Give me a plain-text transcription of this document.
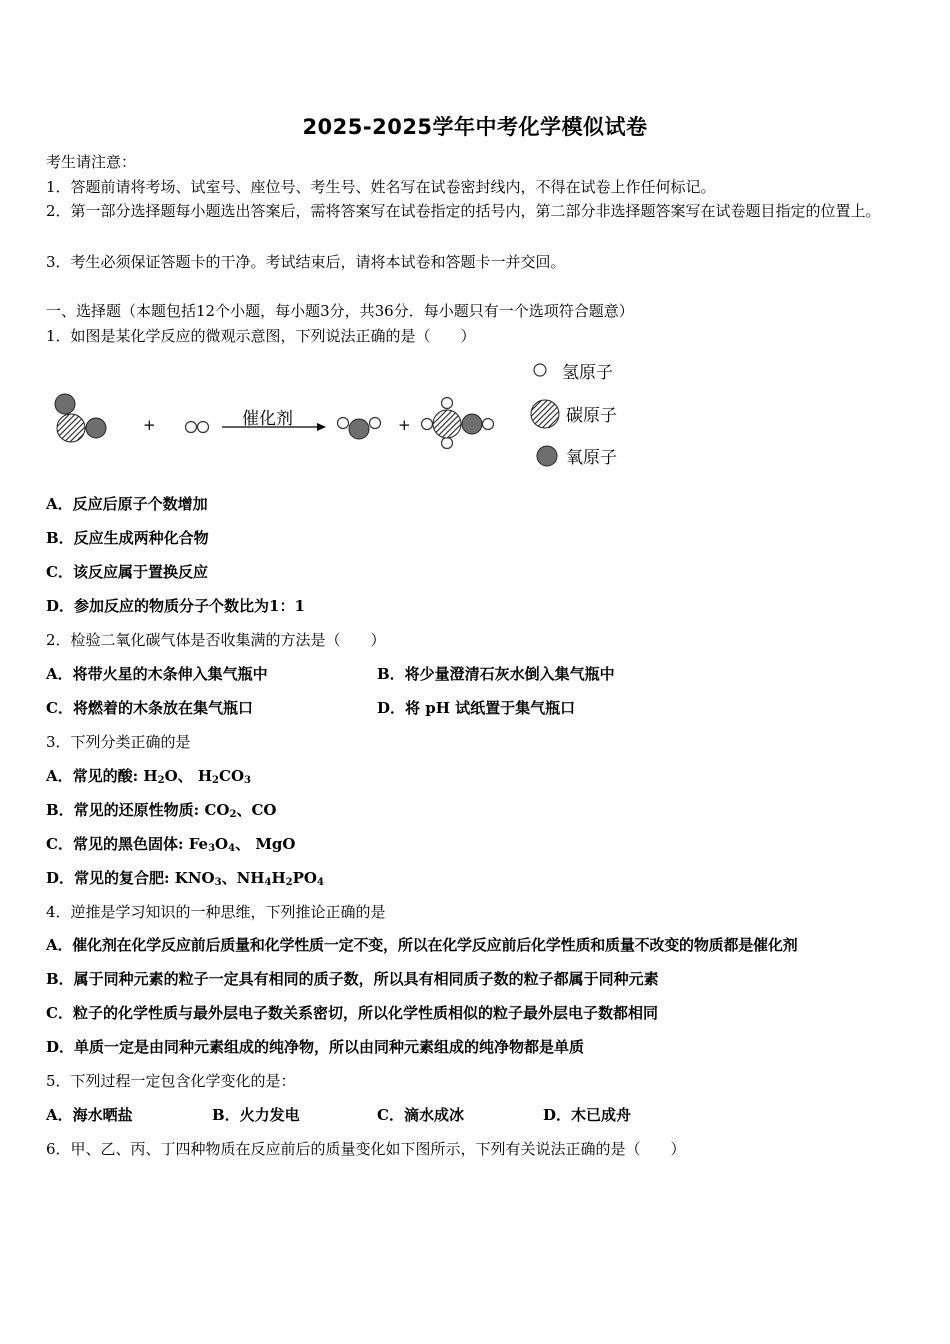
2025-2025学年中考化学模似试卷
考生请注意：
1．答题前请将考场、试室号、座位号、考生号、姓名写在试卷密封线内，不得在试卷上作任何标记。
2．第一部分选择题每小题选出答案后，需将答案写在试卷指定的括号内，第二部分非选择题答案写在试卷题目指定的位置上。
3．考生必须保证答题卡的干净。考试结束后，请将本试卷和答题卡一并交回。
一、选择题（本题包括12个小题，每小题3分，共36分．每小题只有一个选项符合题意）
1．如图是某化学反应的微观示意图，下列说法正确的是（　　）
+	催化剂	+
氢原子
碳原子
氧原子
A．反应后原子个数增加
B．反应生成两种化合物
C．该反应属于置换反应
D．参加反应的物质分子个数比为1：1
2．检验二氧化碳气体是否收集满的方法是（　　）
A．将带火星的木条伸入集气瓶中	B．将少量澄清石灰水倒入集气瓶中
C．将燃着的木条放在集气瓶口	D．将 pH 试纸置于集气瓶口
3．下列分类正确的是
A．常见的酸: $H_2O$、 $H_2CO_3$
B．常见的还原性物质: $CO_2$、CO
C．常见的黑色固体: $Fe_3O_4$、 MgO
D．常见的复合肥: $KNO_3$、$NH_4H_2PO_4$
4．逆推是学习知识的一种思维，下列推论正确的是
A．催化剂在化学反应前后质量和化学性质一定不变，所以在化学反应前后化学性质和质量不改变的物质都是催化剂
B．属于同种元素的粒子一定具有相同的质子数，所以具有相同质子数的粒子都属于同种元素
C．粒子的化学性质与最外层电子数关系密切，所以化学性质相似的粒子最外层电子数都相同
D．单质一定是由同种元素组成的纯净物，所以由同种元素组成的纯净物都是单质
5．下列过程一定包含化学变化的是：
A．海水晒盐	B．火力发电	C．滴水成冰	D．木已成舟
6．甲、乙、丙、丁四种物质在反应前后的质量变化如下图所示，下列有关说法正确的是（　　）
